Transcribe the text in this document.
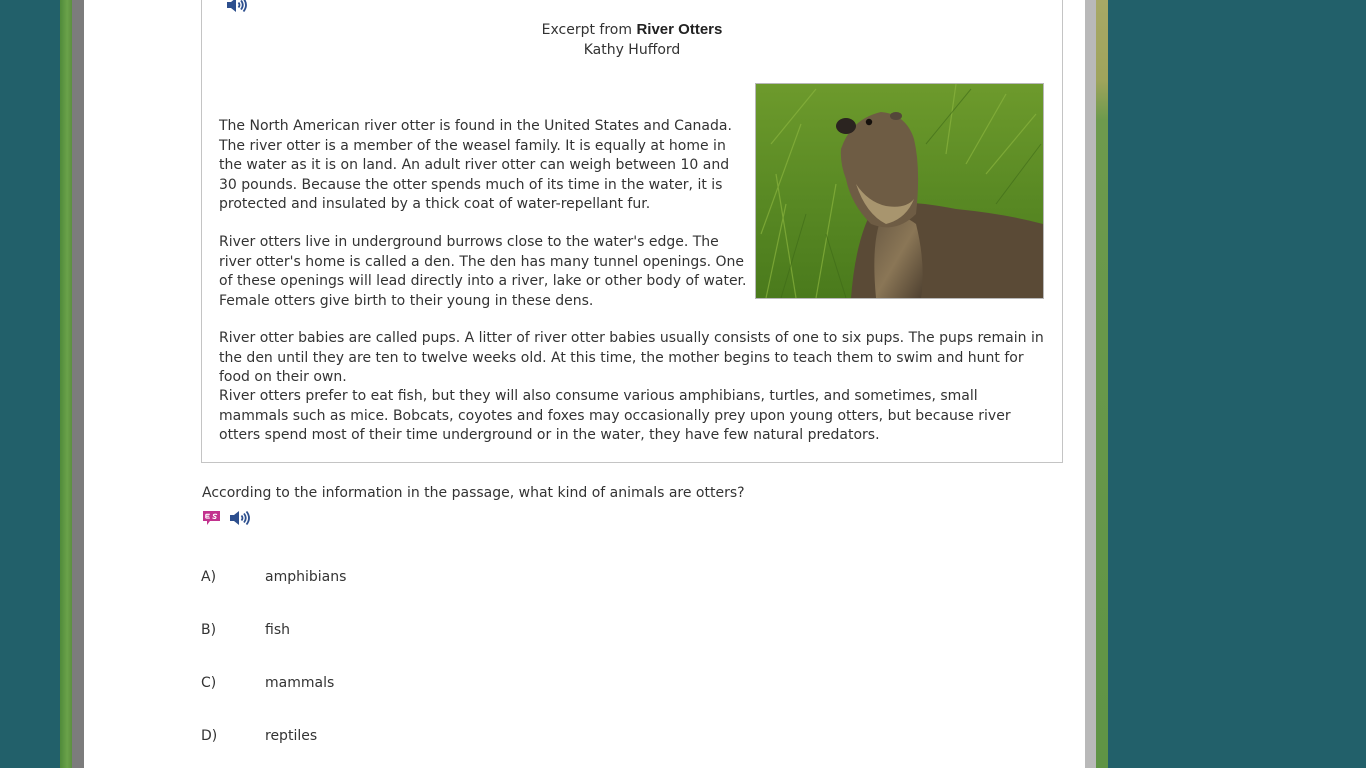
Excerpt from River Otters
Kathy Hufford

The North American river otter is found in the United States and Canada. The river otter is a member of the weasel family. It is equally at home in the water as it is on land. An adult river otter can weigh between 10 and 30 pounds. Because the otter spends much of its time in the water, it is protected and insulated by a thick coat of water-repellant fur.

River otters live in underground burrows close to the water's edge. The river otter's home is called a den. The den has many tunnel openings. One of these openings will lead directly into a river, lake or other body of water. Female otters give birth to their young in these dens.

River otter babies are called pups. A litter of river otter babies usually consists of one to six pups. The pups remain in the den until they are ten to twelve weeks old. At this time, the mother begins to teach them to swim and hunt for food on their own.

River otters prefer to eat fish, but they will also consume various amphibians, turtles, and sometimes, small mammals such as mice. Bobcats, coyotes and foxes may occasionally prey upon young otters, but because river otters spend most of their time underground or in the water, they have few natural predators.

According to the information in the passage, what kind of animals are otters?
A)	amphibians
B)	fish
C)	mammals
D)	reptiles
